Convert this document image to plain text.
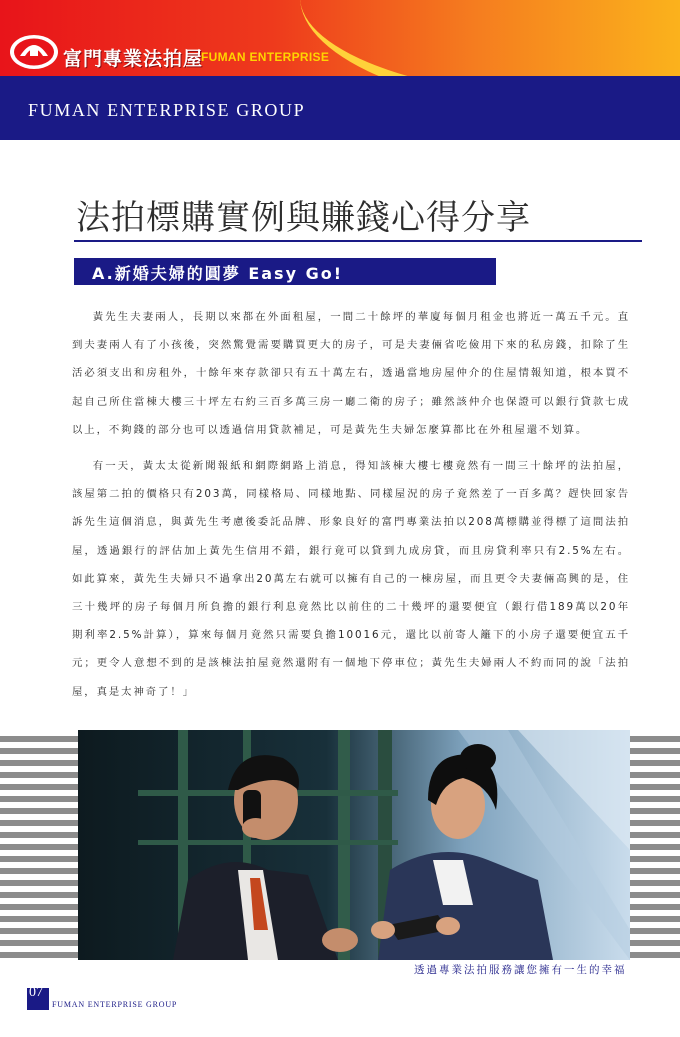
富門專業法拍屋
FUMAN ENTERPRISE
FUMAN ENTERPRISE GROUP
法拍標購實例與賺錢心得分享
A.新婚夫婦的圓夢 Easy Go!

黃先生夫妻兩人，長期以來都在外面租屋，一間二十餘坪的華廈每個月租金也將近一萬五千元。直到夫妻兩人有了小孩後，突然驚覺需要購買更大的房子，可是夫妻倆省吃儉用下來的私房錢，扣除了生活必須支出和房租外，十餘年來存款卻只有五十萬左右，透過當地房屋仲介的住屋情報知道，根本買不起自己所住當棟大樓三十坪左右約三百多萬三房一廳二衛的房子；雖然該仲介也保證可以銀行貸款七成以上，不夠錢的部分也可以透過信用貸款補足，可是黃先生夫婦怎麼算都比在外租屋還不划算。

有一天，黃太太從新聞報紙和網際網路上消息，得知該棟大樓七樓竟然有一間三十餘坪的法拍屋，該屋第二拍的價格只有203萬，同樣格局、同樣地點、同樣屋況的房子竟然差了一百多萬？趕快回家告訴先生這個消息，與黃先生考慮後委託品牌、形象良好的富門專業法拍以208萬標購並得標了這間法拍屋，透過銀行的評估加上黃先生信用不錯，銀行竟可以貸到九成房貸，而且房貸利率只有2.5%左右。如此算來，黃先生夫婦只不過拿出20萬左右就可以擁有自己的一棟房屋，而且更令夫妻倆高興的是，住三十幾坪的房子每個月所負擔的銀行利息竟然比以前住的二十幾坪的還要便宜（銀行借189萬以20年期利率2.5%計算），算來每個月竟然只需要負擔10016元，還比以前寄人籬下的小房子還要便宜五千元；更令人意想不到的是該棟法拍屋竟然還附有一個地下停車位；黃先生夫婦兩人不約而同的說「法拍屋，真是太神奇了！」

透過專業法拍服務讓您擁有一生的幸福
07
FUMAN ENTERPRISE GROUP
